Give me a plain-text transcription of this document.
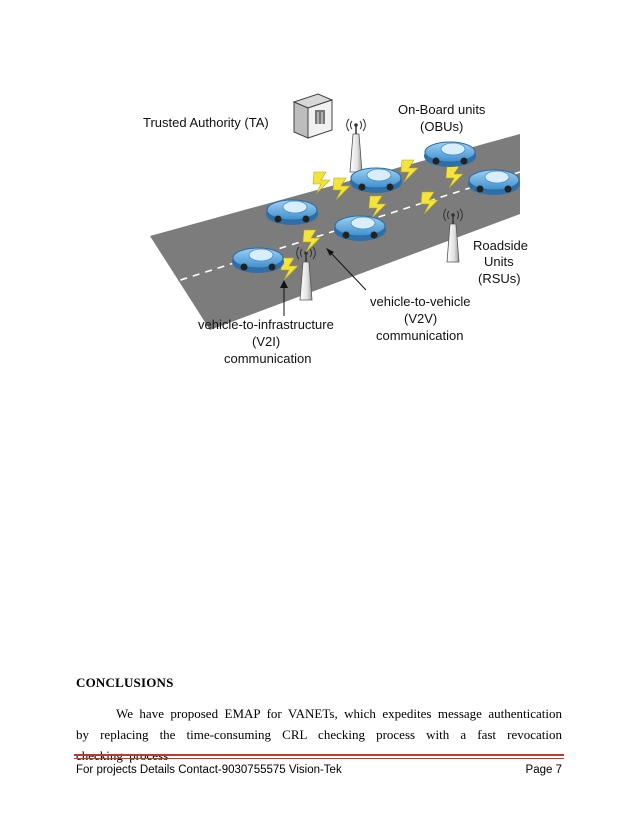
Trusted Authority (TA)
On-Board units
(OBUs)
Roadside
Units
(RSUs)
vehicle-to-vehicle
(V2V)
communication
vehicle-to-infrastructure
(V2I)
communication
CONCLUSIONS
We have proposed EMAP for VANETs, which expedites message authentication by replacing the time-consuming CRL checking process with a fast revocation
For projects Details Contact-9030755575 Vision-Tek	Page 7
